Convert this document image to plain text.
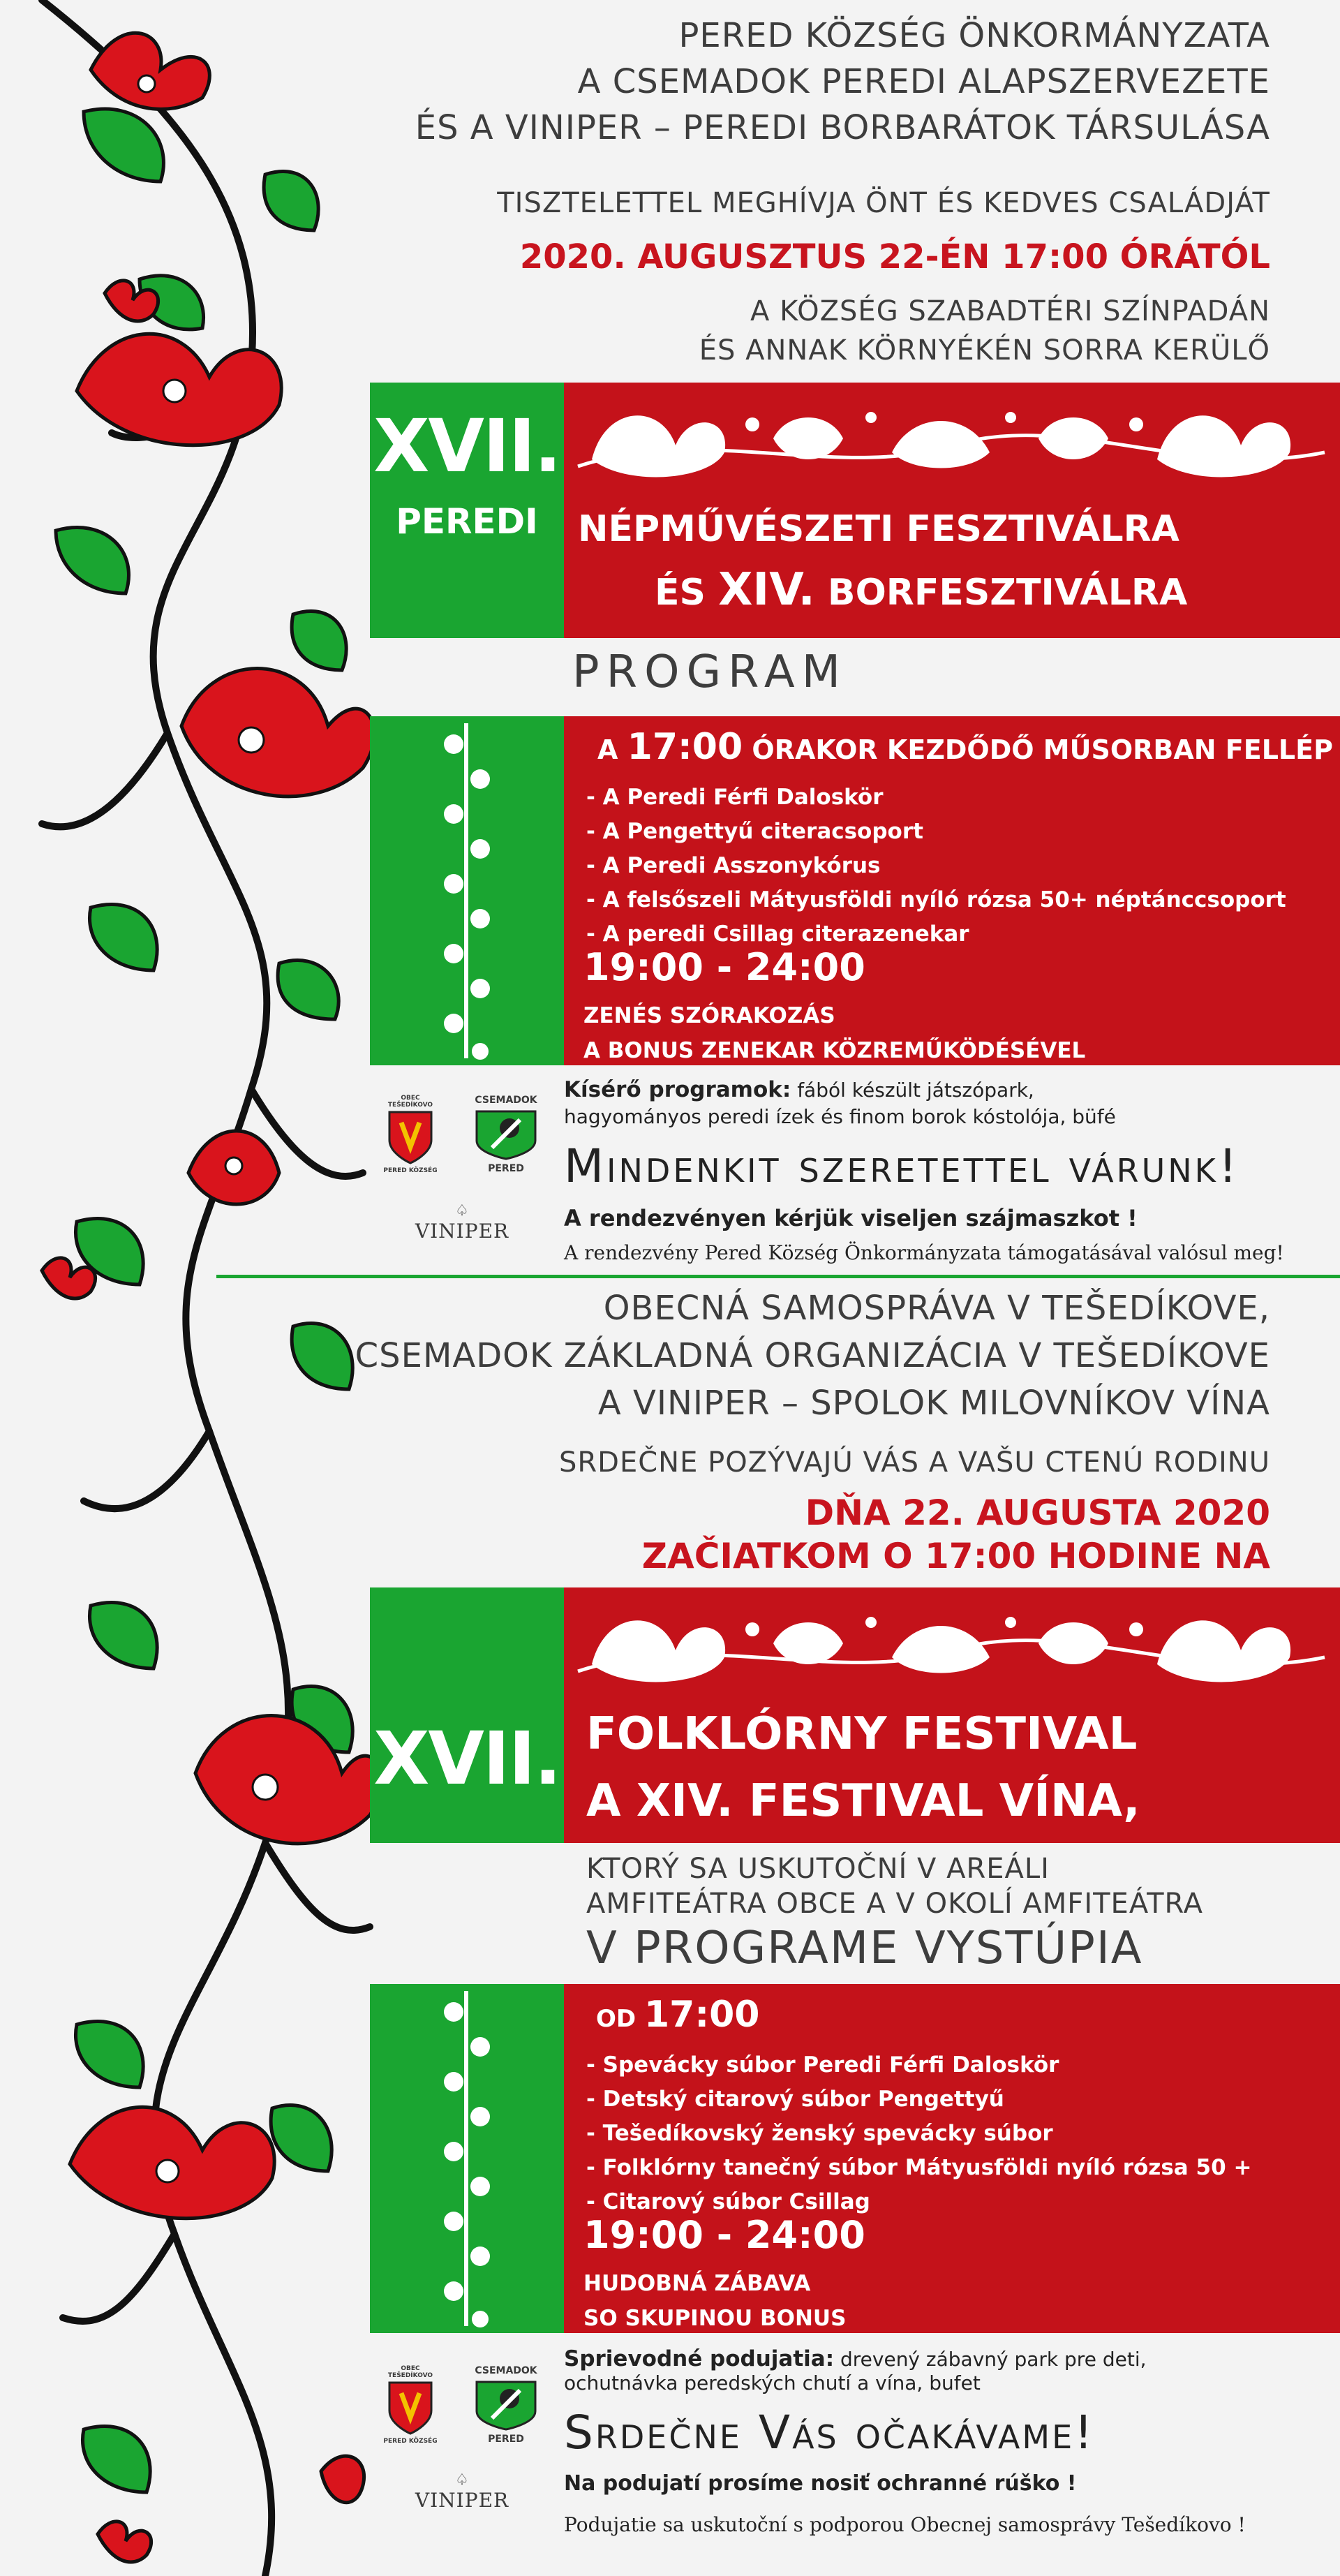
PERED KÖZSÉG ÖNKORMÁNYZATA
A CSEMADOK PEREDI ALAPSZERVEZETE
ÉS A VINIPER – PEREDI BORBARÁTOK TÁRSULÁSA
TISZTELETTEL MEGHÍVJA ÖNT ÉS KEDVES CSALÁDJÁT
2020. AUGUSZTUS 22-ÉN 17:00 ÓRÁTÓL
A KÖZSÉG SZABADTÉRI SZÍNPADÁN
ÉS ANNAK KÖRNYÉKÉN SORRA KERÜLŐ
XVII.
PEREDI	NÉPMŰVÉSZETI FESZTIVÁLRA
ÉS XIV. BORFESZTIVÁLRA
PROGRAM
A 17:00 ÓRAKOR KEZDŐDŐ MŰSORBAN FELLÉP
- A Peredi Férfi Daloskör
- A Pengettyű citeracsoport
- A Peredi Asszonykórus
- A felsőszeli Mátyusföldi nyíló rózsa 50+ néptánccsoport
- A peredi Csillag citerazenekar
19:00 - 24:00
ZENÉS SZÓRAKOZÁS
A BONUS ZENEKAR KÖZREMŰKÖDÉSÉVEL
OBEC TEŠEDÍKOVO
PERED KÖZSÉG
CSEMADOK
PERED
♤
VINIPER
Kísérő programok: fából készült játszópark,
hagyományos peredi ízek és finom borok kóstolója, büfé
Mindenkit szeretettel várunk!
A rendezvényen kérjük viseljen szájmaszkot !
A rendezvény Pered Község Önkormányzata támogatásával valósul meg!
OBECNÁ SAMOSPRÁVA V TEŠEDÍKOVE,
CSEMADOK ZÁKLADNÁ ORGANIZÁCIA V TEŠEDÍKOVE
A VINIPER – SPOLOK MILOVNÍKOV VÍNA
SRDEČNE POZÝVAJÚ VÁS A VAŠU CTENÚ RODINU
DŇA 22. AUGUSTA 2020
ZAČIATKOM O 17:00 HODINE NA
XVII. FOLKLÓRNY FESTIVAL
A XIV. FESTIVAL VÍNA,
KTORÝ SA USKUTOČNÍ V AREÁLI
AMFITEÁTRA OBCE A V OKOLÍ AMFITEÁTRA
V PROGRAME VYSTÚPIA
OD 17:00
- Spevácky súbor Peredi Férfi Daloskör
- Detský citarový súbor Pengettyű
- Tešedíkovský ženský spevácky súbor
- Folklórny tanečný súbor Mátyusföldi nyíló rózsa 50 +
- Citarový súbor Csillag
19:00 - 24:00
HUDOBNÁ ZÁBAVA
SO SKUPINOU BONUS
OBEC TEŠEDÍKOVO
PERED KÖZSÉG
CSEMADOK
PERED
♤
VINIPER
Sprievodné podujatia: drevený zábavný park pre deti,
ochutnávka peredských chutí a vína, bufet
Srdečne Vás očakávame!
Na podujatí prosíme nosiť ochranné rúško !
Podujatie sa uskutoční s podporou Obecnej samosprávy Tešedíkovo !
